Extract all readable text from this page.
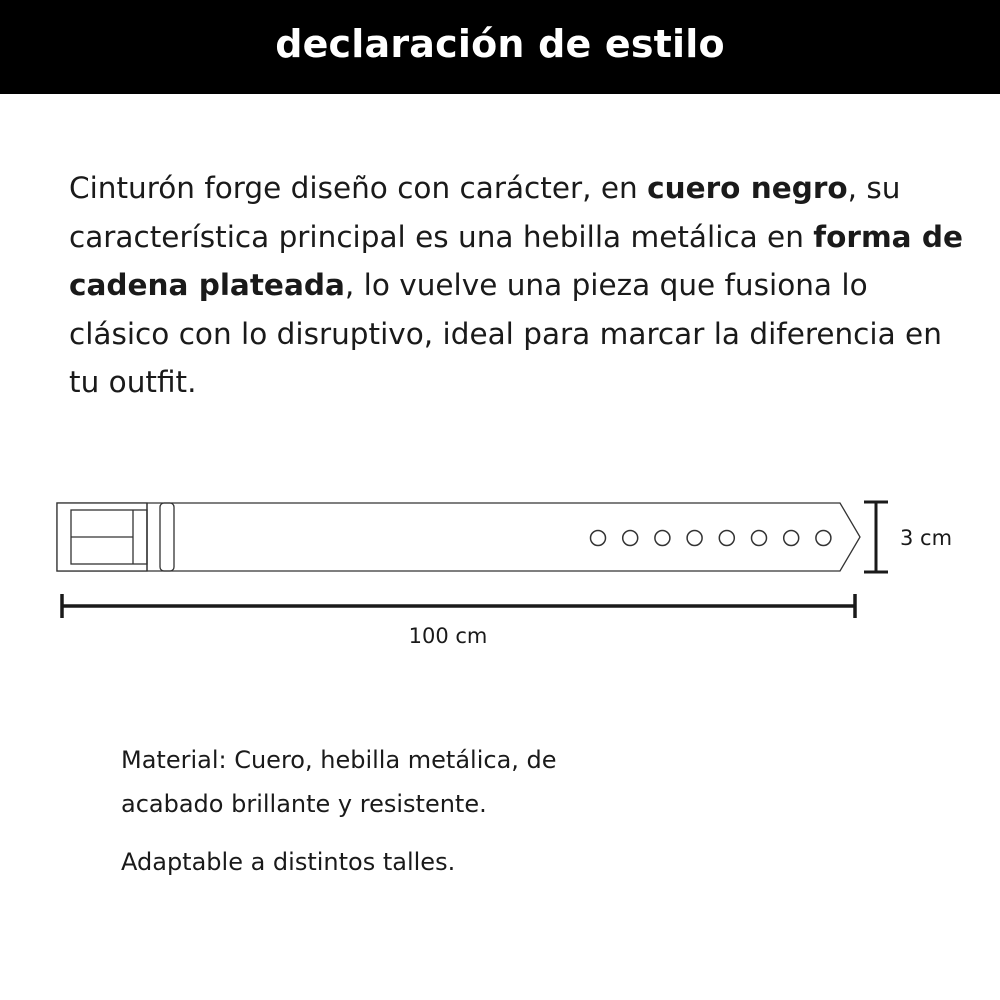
declaración de estilo

Cinturón forge diseño con carácter, en cuero negro, su característica principal es una hebilla metálica en forma de cadena plateada, lo vuelve una pieza que fusiona lo clásico con lo disruptivo, ideal para marcar la diferencia en tu outfit.

3 cm
100 cm

Material: Cuero, hebilla metálica, de
acabado brillante y resistente.

Adaptable a distintos talles.
